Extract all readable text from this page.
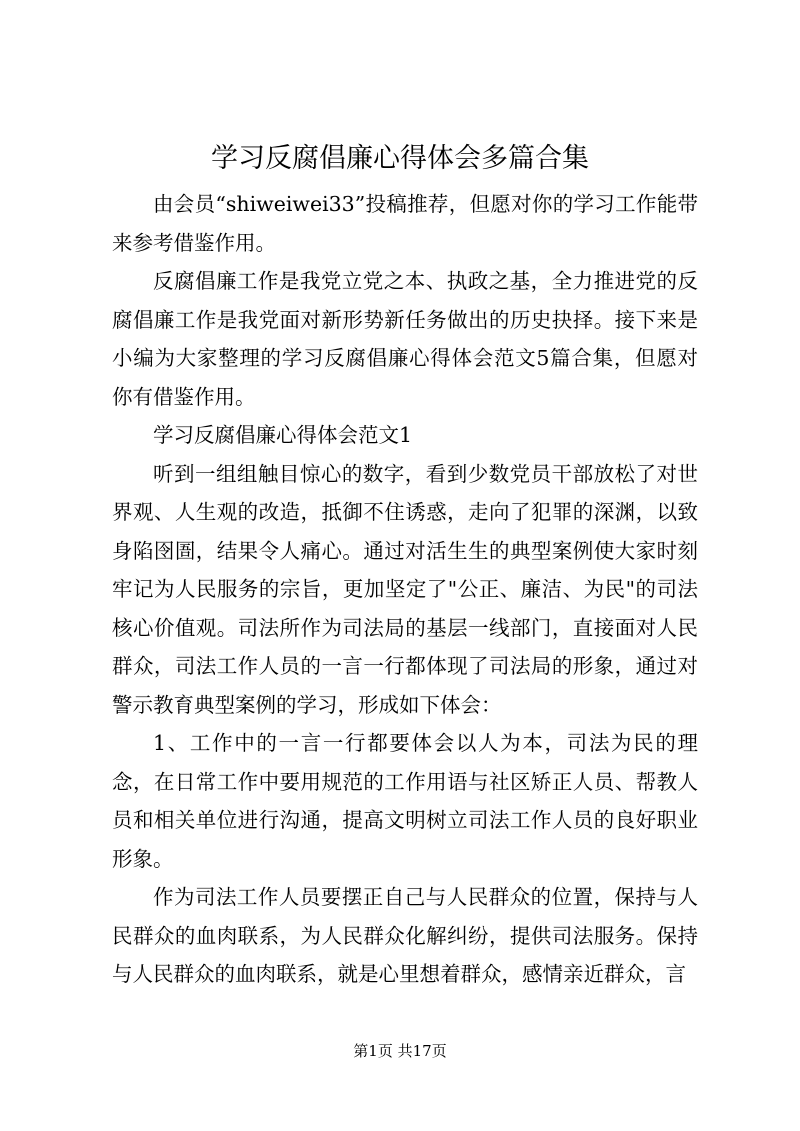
学习反腐倡廉心得体会多篇合集

由会员“shiweiwei33”投稿推荐，但愿对你的学习工作能带来参考借鉴作用。

反腐倡廉工作是我党立党之本、执政之基，全力推进党的反腐倡廉工作是我党面对新形势新任务做出的历史抉择。接下来是小编为大家整理的学习反腐倡廉心得体会范文5篇合集，但愿对你有借鉴作用。

学习反腐倡廉心得体会范文1

听到一组组触目惊心的数字，看到少数党员干部放松了对世界观、人生观的改造，抵御不住诱惑，走向了犯罪的深渊，以致身陷囹圄，结果令人痛心。通过对活生生的典型案例使大家时刻牢记为人民服务的宗旨，更加坚定了"公正、廉洁、为民"的司法核心价值观。司法所作为司法局的基层一线部门，直接面对人民群众，司法工作人员的一言一行都体现了司法局的形象，通过对警示教育典型案例的学习，形成如下体会：

1、工作中的一言一行都要体会以人为本，司法为民的理念，在日常工作中要用规范的工作用语与社区矫正人员、帮教人员和相关单位进行沟通，提高文明树立司法工作人员的良好职业形象。

作为司法工作人员要摆正自己与人民群众的位置，保持与人民群众的血肉联系，为人民群众化解纠纷，提供司法服务。保持与人民群众的血肉联系，就是心里想着群众，感情亲近群众，言

第1页 共17页
